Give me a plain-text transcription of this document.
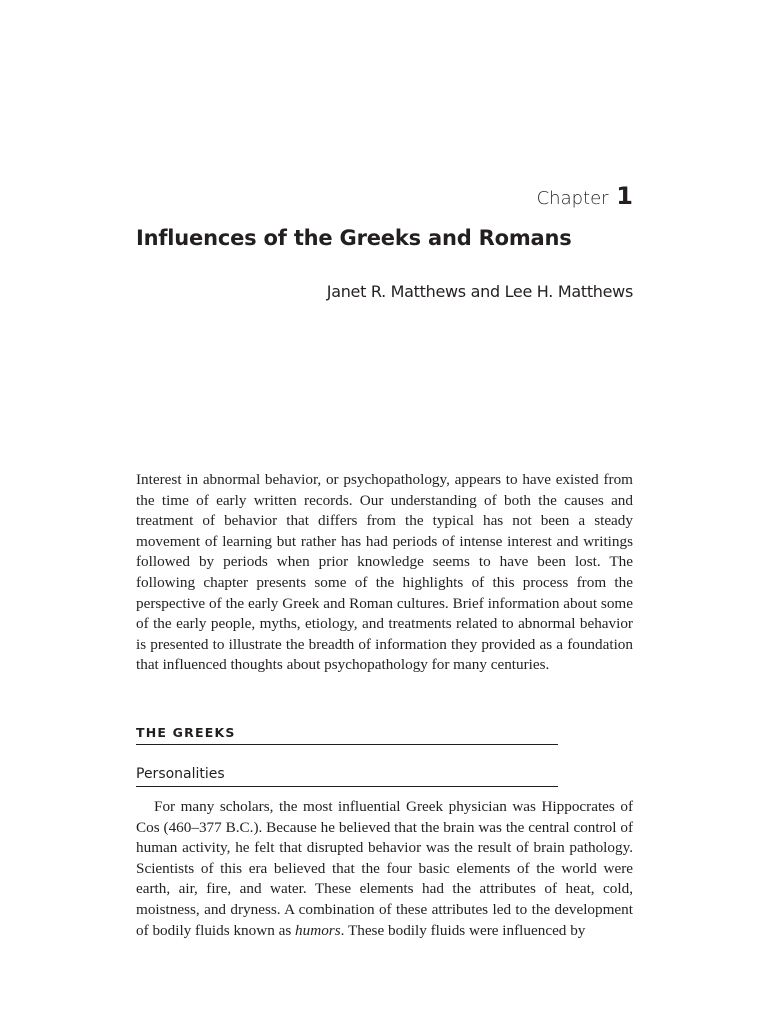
Chapter 1
Influences of the Greeks and Romans
Janet R. Matthews and Lee H. Matthews

Interest in abnormal behavior, or psychopathology, appears to have existed from the time of early written records. Our understanding of both the causes and treatment of behavior that differs from the typical has not been a steady movement of learning but rather has had periods of intense interest and writings followed by periods when prior knowledge seems to have been lost. The following chapter presents some of the highlights of this process from the perspective of the early Greek and Roman cultures. Brief information about some of the early people, myths, etiology, and treatments related to abnormal behavior is presented to illustrate the breadth of information they provided as a foundation that influenced thoughts about psychopathology for many centuries.

THE GREEKS
Personalities

For many scholars, the most influential Greek physician was Hippocrates of Cos (460–377 B.C.). Because he believed that the brain was the central control of human activity, he felt that disrupted behavior was the result of brain pathology. Scientists of this era believed that the four basic elements of the world were earth, air, fire, and water. These elements had the attributes of heat, cold, moistness, and dryness. A combination of these attributes led to the development of bodily fluids known as humors. These bodily fluids were influenced by
